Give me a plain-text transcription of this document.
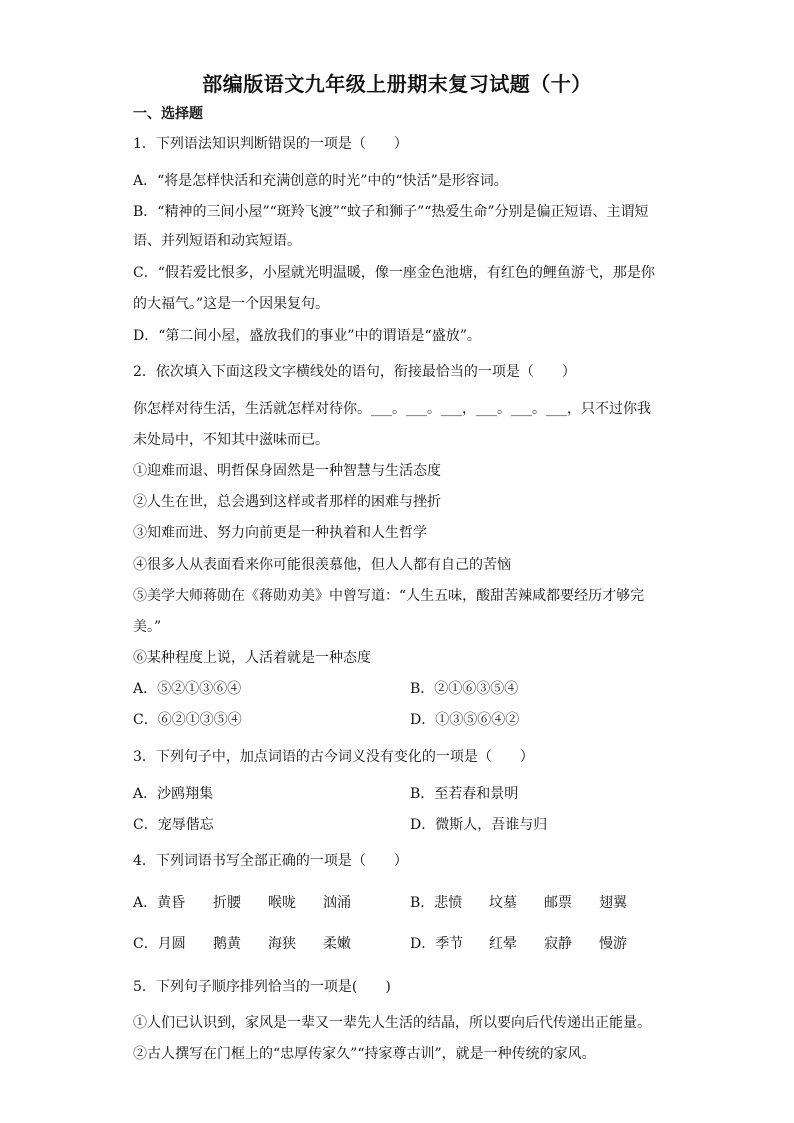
部编版语文九年级上册期末复习试题（十）
一、选择题
1．下列语法知识判断错误的一项是（　　）
A．“将是怎样快活和充满创意的时光”中的“快活”是形容词。
B．“精神的三间小屋”“斑羚飞渡”“蚊子和狮子”“热爱生命”分别是偏正短语、主谓短
语、并列短语和动宾短语。
C．“假若爱比恨多，小屋就光明温暖，像一座金色池塘，有红色的鲤鱼游弋，那是你
的大福气。”这是一个因果复句。
D．“第二间小屋，盛放我们的事业”中的谓语是“盛放”。
2．依次填入下面这段文字横线处的语句，衔接最恰当的一项是（　　）
你怎样对待生活，生活就怎样对待你。___。___。___，___。___。___，只不过你我
未处局中，不知其中滋味而已。
①迎难而退、明哲保身固然是一种智慧与生活态度
②人生在世，总会遇到这样或者那样的困难与挫折
③知难而进、努力向前更是一种执着和人生哲学
④很多人从表面看来你可能很羡慕他，但人人都有自己的苦恼
⑤美学大师蒋勋在《蒋勋劝美》中曾写道：“人生五味，酸甜苦辣咸都要经历才够完
美。”
⑥某种程度上说，人活着就是一种态度
A．⑤②①③⑥④	B．②①⑥③⑤④
C．⑥②①③⑤④	D．①③⑤⑥④②
3．下列句子中，加点词语的古今词义没有变化的一项是（　　）
A．沙鸥翔集	B．至若春和景明
C．宠辱偕忘	D．微斯人，吾谁与归
4．下列词语书写全部正确的一项是（　　）
A．黄昏 折腰 喉咙 汹涌	B．悲愤 坟墓 邮票 翅翼
C．月圆 鹅黄 海狭 柔嫩	D．季节 红晕 寂静 慢游
5．下列句子顺序排列恰当的一项是(　　)
①人们已认识到，家风是一辈又一辈先人生活的结晶，所以要向后代传递出正能量。
②古人撰写在门框上的“忠厚传家久”“持家尊古训”，就是一种传统的家风。
